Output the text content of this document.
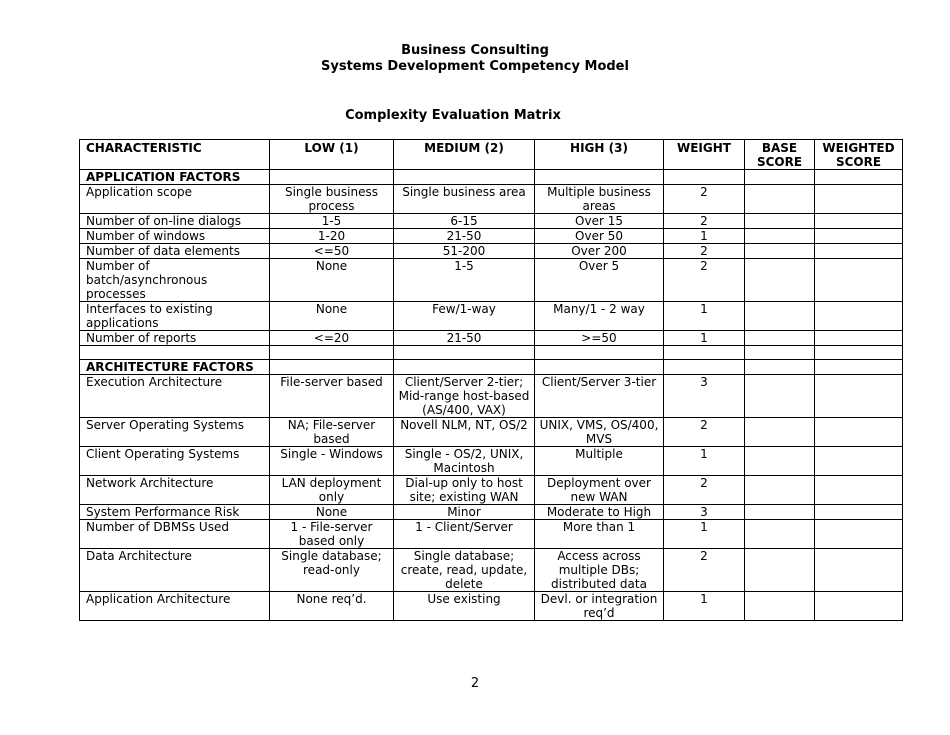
Business Consulting
Systems Development Competency Model
Complexity Evaluation Matrix
CHARACTERISTIC	LOW (1)	MEDIUM (2)	HIGH (3)	WEIGHT	BASE SCORE	WEIGHTED SCORE
APPLICATION FACTORS						
Application scope	Single business process	Single business area	Multiple business areas	2		
Number of on-line dialogs	1-5	6-15	Over 15	2		
Number of windows	1-20	21-50	Over 50	1		
Number of data elements	<=50	51-200	Over 200	2		
Number of batch/asynchronous processes	None	1-5	Over 5	2		
Interfaces to existing applications	None	Few/1-way	Many/1 - 2 way	1		
Number of reports	<=20	21-50	>=50	1		

ARCHITECTURE FACTORS						
Execution Architecture	File-server based	Client/Server 2-tier; Mid-range host-based (AS/400, VAX)	Client/Server 3-tier	3		
Server Operating Systems	NA; File-server based	Novell NLM, NT, OS/2	UNIX, VMS, OS/400, MVS	2		
Client Operating Systems	Single - Windows	Single - OS/2, UNIX, Macintosh	Multiple	1		
Network Architecture	LAN deployment only	Dial-up only to host site; existing WAN	Deployment over new WAN	2		
System Performance Risk	None	Minor	Moderate to High	3		
Number of DBMSs Used	1 - File-server based only	1 - Client/Server	More than 1	1		
Data Architecture	Single database; read-only	Single database; create, read, update, delete	Access across multiple DBs; distributed data	2		
Application Architecture	None req’d.	Use existing	Devl. or integration req’d	1		
2
